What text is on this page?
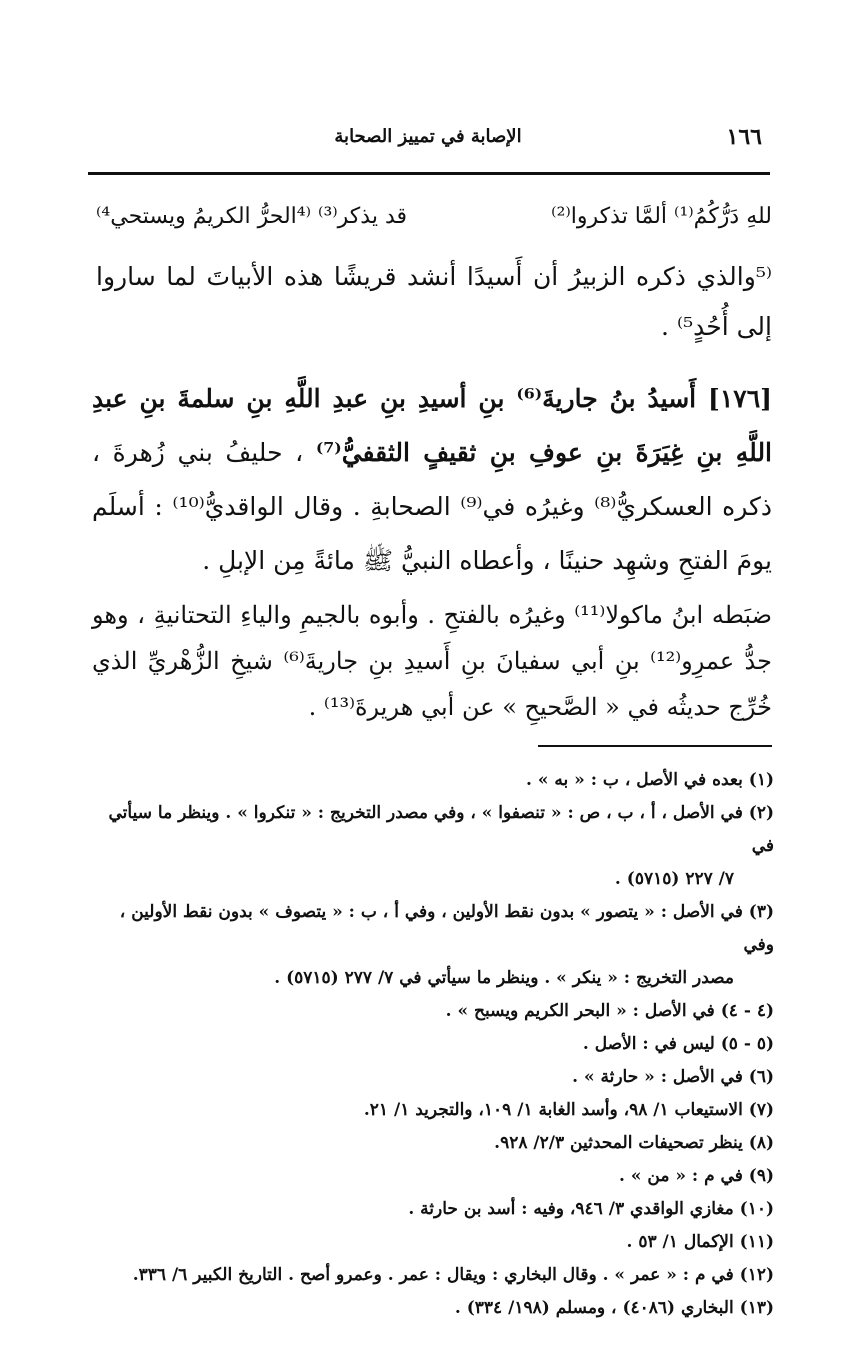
١٦٦
الإصابة في تمييز الصحابة
للهِ دَرُّكُمُ⁽¹⁾ ألمَّا تذكروا⁽²⁾
قد يذكر⁽³⁾ ⁽⁴الحرُّ الكريمُ ويستحي⁴⁾
⁽⁵والذي ذكره الزبيرُ أن أَسيدًا أنشد قريشًا هذه الأبياتَ لما ساروا إلى أُحُدٍ⁵⁾ .
[١٧٦] أَسيدُ بنُ جاريةَ⁽⁶⁾ بنِ أسيدِ بنِ عبدِ اللَّهِ بنِ سلمةَ بنِ عبدِ اللَّهِ بنِ غِيَرَةَ بنِ عوفِ بنِ ثقيفٍ الثقفيُّ⁽⁷⁾ ، حليفُ بني زُهرةَ ، ذكره العسكريُّ⁽⁸⁾ وغيرُه في⁽⁹⁾ الصحابةِ . وقال الواقديُّ⁽¹⁰⁾ : أسلَم يومَ الفتحِ وشهِد حنينًا ، وأعطاه النبيُّ ﷺ مائةً مِن الإبلِ .
ضبَطه ابنُ ماكولا⁽¹¹⁾ وغيرُه بالفتحِ . وأبوه بالجيمِ والياءِ التحتانيةِ ، وهو جدُّ عمرِو⁽¹²⁾ بنِ أبي سفيانَ بنِ أَسيدِ بنِ جاريةَ⁽⁶⁾ شيخِ الزُّهْريِّ الذي خُرِّج حديثُه في « الصَّحيحِ » عن أبي هريرةَ⁽¹³⁾ .
(١) بعده في الأصل ، ب : « به » .
(٢) في الأصل ، أ ، ب ، ص : « تنصفوا » ، وفي مصدر التخريج : « تنكروا » . وينظر ما سيأتي في
٧/ ٢٢٧ (٥٧١٥) .
(٣) في الأصل : « يتصور » بدون نقط الأولين ، وفي أ ، ب : « يتصوف » بدون نقط الأولين ، وفي
مصدر التخريج : « ينكر » . وينظر ما سيأتي في ٧/ ٢٧٧ (٥٧١٥) .
(٤ - ٤) في الأصل : « البحر الكريم ويسبح » .
(٥ - ٥) ليس في : الأصل .
(٦) في الأصل : « حارثة » .
(٧) الاستيعاب ١/ ٩٨، وأسد الغابة ١/ ١٠٩، والتجريد ١/ ٢١.
(٨) ينظر تصحيفات المحدثين ٢/٣/ ٩٢٨.
(٩) في م : « من » .
(١٠) مغازي الواقدي ٣/ ٩٤٦، وفيه : أسد بن حارثة .
(١١) الإكمال ١/ ٥٣ .
(١٢) في م : « عمر » . وقال البخاري : ويقال : عمر . وعمرو أصح . التاريخ الكبير ٦/ ٣٣٦.
(١٣) البخاري (٤٠٨٦) ، ومسلم (١٩٨/ ٣٣٤) .
